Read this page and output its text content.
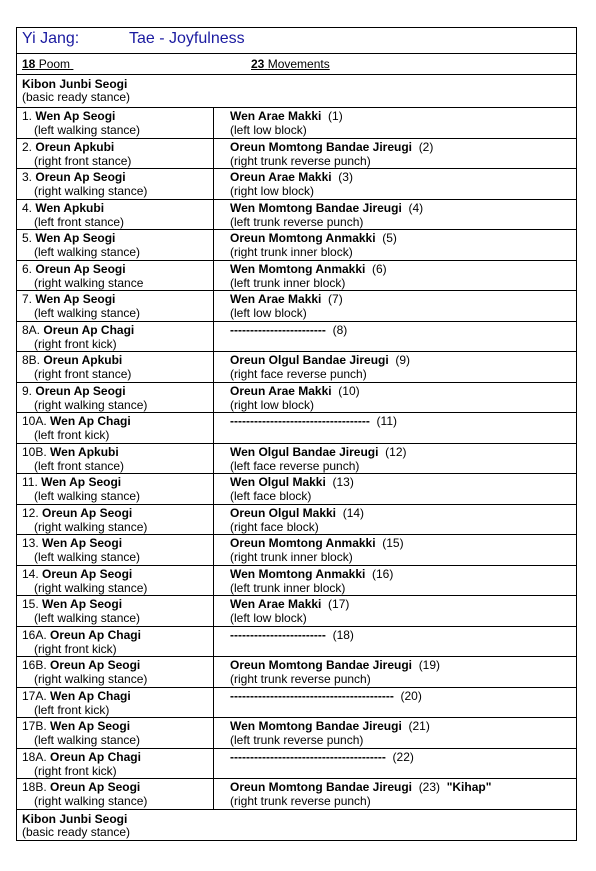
Yi Jang:	Tae - Joyfulness
18 Poom	23 Movements
Kibon Junbi Seogi
(basic ready stance)
1. Wen Ap Seogi
(left walking stance)
Wen Arae Makki (1)
(left low block)
2. Oreun Apkubi
(right front stance)
Oreun Momtong Bandae Jireugi (2)
(right trunk reverse punch)
3. Oreun Ap Seogi
(right walking stance)
Oreun Arae Makki (3)
(right low block)
4. Wen Apkubi
(left front stance)
Wen Momtong Bandae Jireugi (4)
(left trunk reverse punch)
5. Wen Ap Seogi
(left walking stance)
Oreun Momtong Anmakki (5)
(right trunk inner block)
6. Oreun Ap Seogi
(right walking stance
Wen Momtong Anmakki (6)
(left trunk inner block)
7. Wen Ap Seogi
(left walking stance)
Wen Arae Makki (7)
(left low block)
8A. Oreun Ap Chagi
(right front kick)
------------------------ (8)
8B. Oreun Apkubi
(right front stance)
Oreun Olgul Bandae Jireugi (9)
(right face reverse punch)
9. Oreun Ap Seogi
(right walking stance)
Oreun Arae Makki (10)
(right low block)
10A. Wen Ap Chagi
(left front kick)
----------------------------------- (11)
10B. Wen Apkubi
(left front stance)
Wen Olgul Bandae Jireugi (12)
(left face reverse punch)
11. Wen Ap Seogi
(left walking stance)
Wen Olgul Makki (13)
(left face block)
12. Oreun Ap Seogi
(right walking stance)
Oreun Olgul Makki (14)
(right face block)
13. Wen Ap Seogi
(left walking stance)
Oreun Momtong Anmakki (15)
(right trunk inner block)
14. Oreun Ap Seogi
(right walking stance)
Wen Momtong Anmakki (16)
(left trunk inner block)
15. Wen Ap Seogi
(left walking stance)
Wen Arae Makki (17)
(left low block)
16A. Oreun Ap Chagi
(right front kick)
------------------------ (18)
16B. Oreun Ap Seogi
(right walking stance)
Oreun Momtong Bandae Jireugi (19)
(right trunk reverse punch)
17A. Wen Ap Chagi
(left front kick)
----------------------------------------- (20)
17B. Wen Ap Seogi
(left walking stance)
Wen Momtong Bandae Jireugi (21)
(left trunk reverse punch)
18A. Oreun Ap Chagi
(right front kick)
--------------------------------------- (22)
18B. Oreun Ap Seogi
(right walking stance)
Oreun Momtong Bandae Jireugi (23) "Kihap"
(right trunk reverse punch)
Kibon Junbi Seogi
(basic ready stance)
